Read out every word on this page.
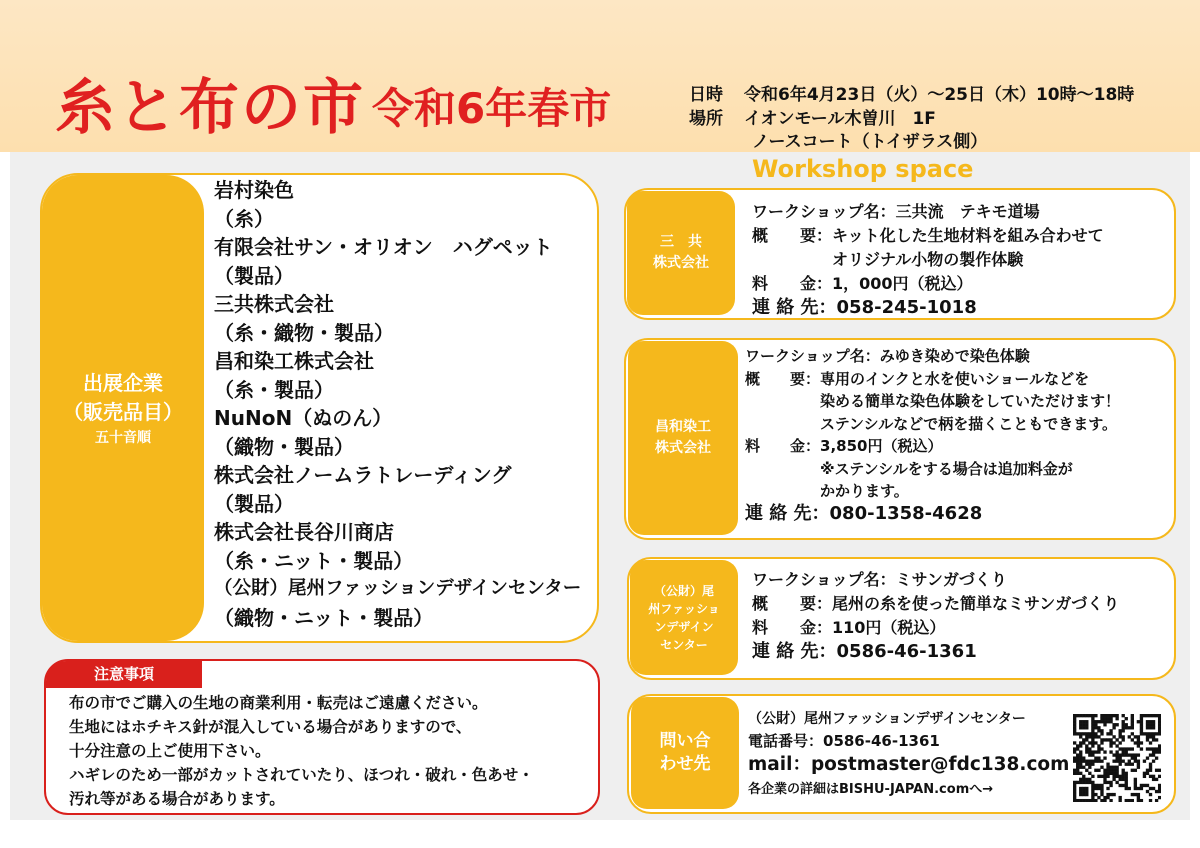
糸と布の市 令和6年春市	日時 令和6年4月23日（火）～25日（木）10時～18時
場所 イオンモール木曽川　1F
ノースコート（トイザラス側）
出展企業
（販売品目）
五十音順
岩村染色
（糸）
有限会社サン・オリオン　ハグペット
（製品）
三共株式会社
（糸・織物・製品）
昌和染工株式会社
（糸・製品）
NuNoN（ぬのん）
（織物・製品）
株式会社ノームラトレーディング
（製品）
株式会社長谷川商店
（糸・ニット・製品）
（公財）尾州ファッションデザインセンター
（織物・ニット・製品）
注意事項
布の市でご購入の生地の商業利用・転売はご遠慮ください。
生地にはホチキス針が混入している場合がありますので、
十分注意の上ご使用下さい。
ハギレのため一部がカットされていたり、ほつれ・破れ・色あせ・
汚れ等がある場合があります。
Workshop space
三　共
株式会社
ワークショップ名：三共流　テキモ道場
概　　要：キット化した生地材料を組み合わせて
　　　　　オリジナル小物の製作体験
料　　金：1，000円（税込）
連 絡 先：058-245-1018
昌和染工
株式会社
ワークショップ名：みゆき染めで染色体験
概　　要：専用のインクと水を使いショールなどを
　　　　　染める簡単な染色体験をしていただけます！
　　　　　ステンシルなどで柄を描くこともできます。
料　　金：3,850円（税込）
　　　　　※ステンシルをする場合は追加料金が
　　　　　かかります。
連 絡 先：080-1358-4628
（公財）尾
州ファッショ
ンデザイン
センター
ワークショップ名：ミサンガづくり
概　　要：尾州の糸を使った簡単なミサンガづくり
料　　金：110円（税込）
連 絡 先：0586-46-1361
問い合
わせ先
（公財）尾州ファッションデザインセンター
電話番号：0586-46-1361
mail：postmaster@fdc138.com
各企業の詳細はBISHU-JAPAN.comへ→
